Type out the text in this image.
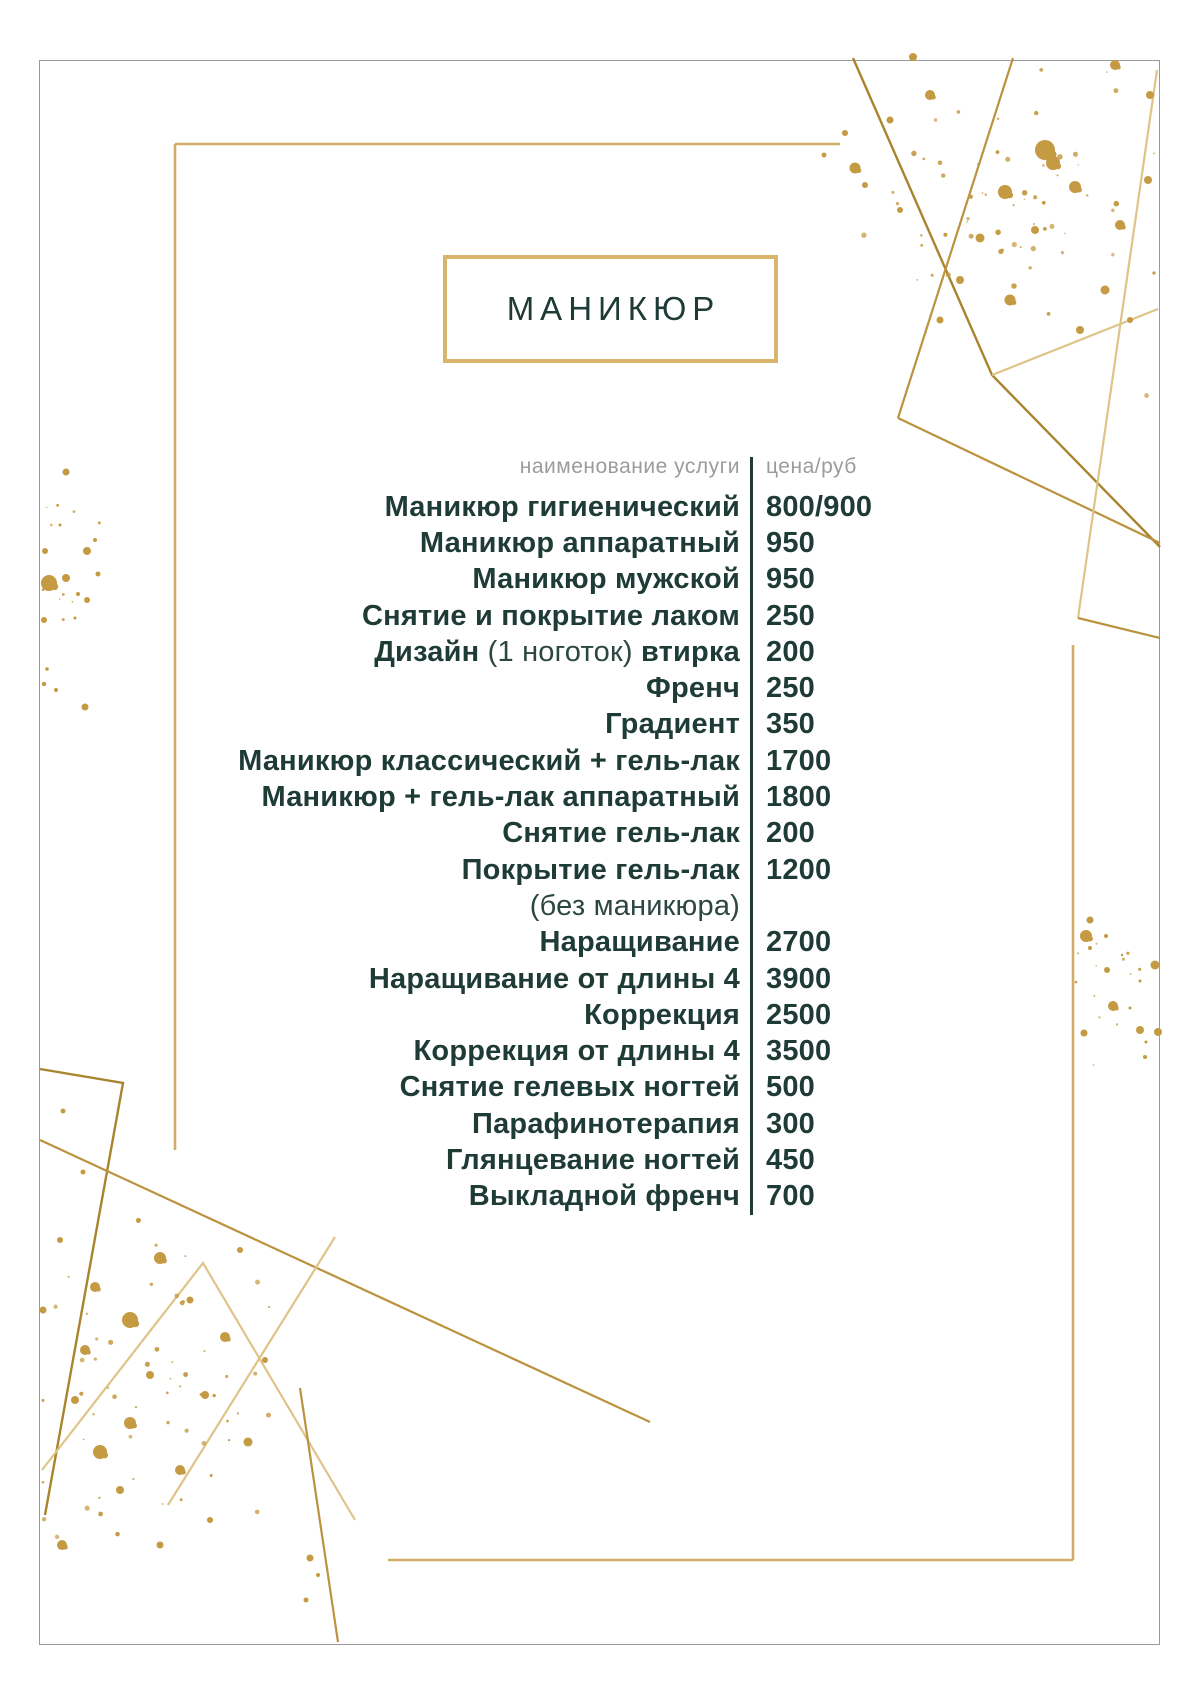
МАНИКЮР
наименование услуги цена/руб
Маникюр гигиенический 800/900
Маникюр аппаратный 950
Маникюр мужской 950
Снятие и покрытие лаком 250
Дизайн (1 ноготок) втирка 200
Френч 250
Градиент 350
Маникюр классический + гель-лак 1700
Маникюр + гель-лак аппаратный 1800
Снятие гель-лак 200
Покрытие гель-лак 1200
(без маникюра)
Наращивание 2700
Наращивание от длины 4 3900
Коррекция 2500
Коррекция от длины 4 3500
Снятие гелевых ногтей 500
Парафинотерапия 300
Глянцевание ногтей 450
Выкладной френч 700
